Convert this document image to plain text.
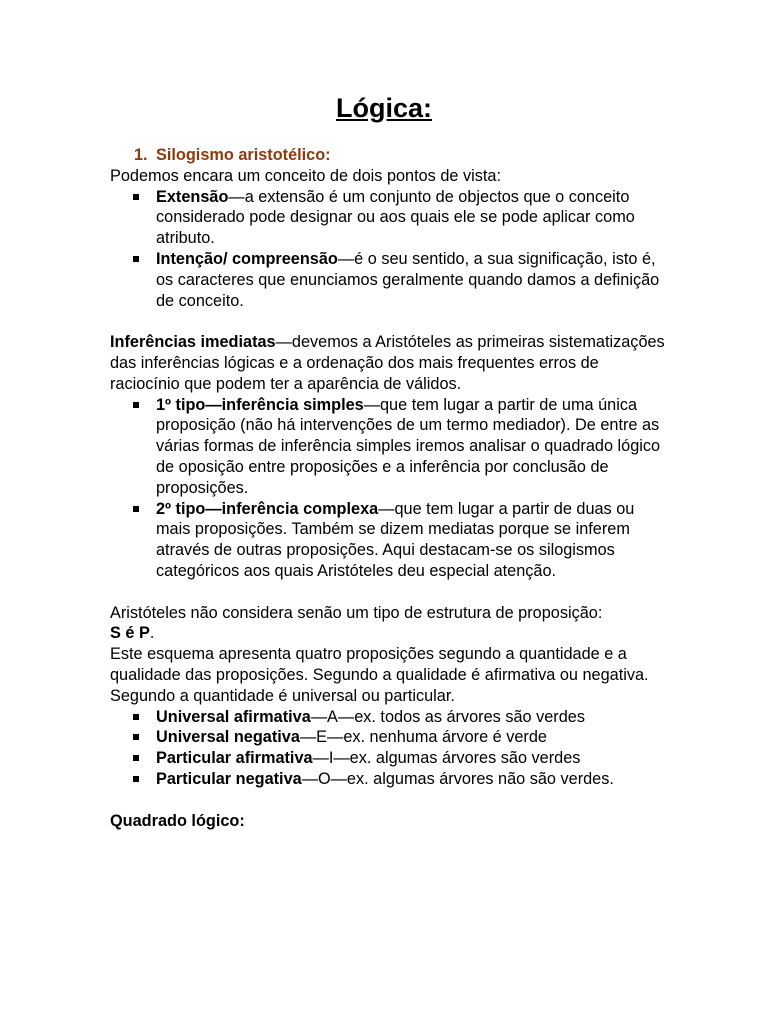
Lógica:
1. Silogismo aristotélico:

Podemos encara um conceito de dois pontos de vista:

Extensão—a extensão é um conjunto de objectos que o conceito considerado pode designar ou aos quais ele se pode aplicar como atributo.
Intenção/ compreensão—é o seu sentido, a sua significação, isto é, os caracteres que enunciamos geralmente quando damos a definição de conceito.

Inferências imediatas—devemos a Aristóteles as primeiras sistematizações das inferências lógicas e a ordenação dos mais frequentes erros de raciocínio que podem ter a aparência de válidos.

1º tipo—inferência simples—que tem lugar a partir de uma única proposição (não há intervenções de um termo mediador). De entre as várias formas de inferência simples iremos analisar o quadrado lógico de oposição entre proposições e a inferência por conclusão de proposições.
2º tipo—inferência complexa—que tem lugar a partir de duas ou mais proposições. Também se dizem mediatas porque se inferem através de outras proposições. Aqui destacam-se os silogismos categóricos aos quais Aristóteles deu especial atenção.

Aristóteles não considera senão um tipo de estrutura de proposição:
S é P.

Este esquema apresenta quatro proposições segundo a quantidade e a qualidade das proposições. Segundo a qualidade é afirmativa ou negativa. Segundo a quantidade é universal ou particular.

Universal afirmativa—A—ex. todos as árvores são verdes
Universal negativa—E—ex. nenhuma árvore é verde
Particular afirmativa—I—ex. algumas árvores são verdes
Particular negativa—O—ex. algumas árvores não são verdes.

Quadrado lógico:
